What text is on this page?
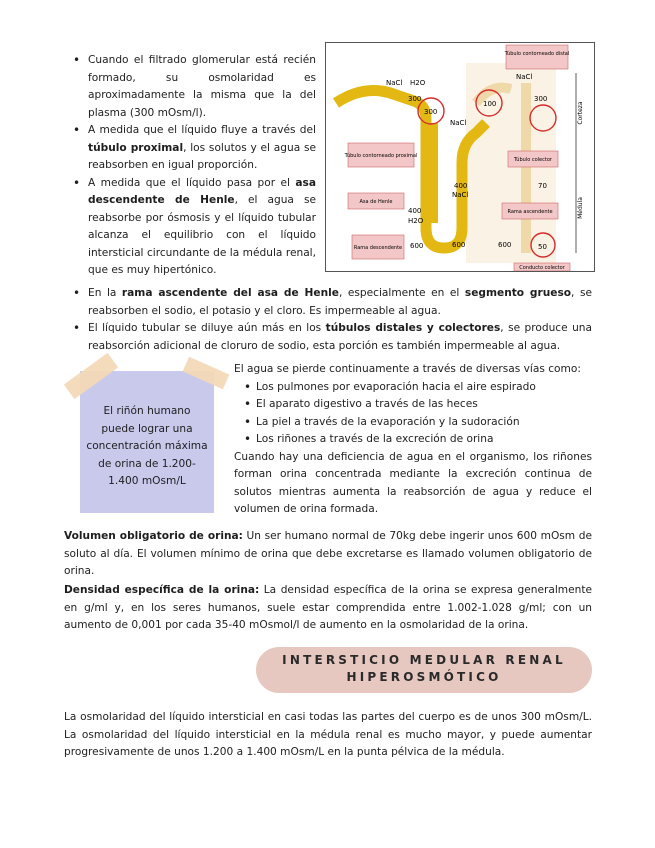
• Cuando el filtrado glomerular está recién formado, su osmolaridad es aproximadamente la misma que la del plasma (300 mOsm/l).
• A medida que el líquido fluye a través del túbulo proximal, los solutos y el agua se reabsorben en igual proporción.
• A medida que el líquido pasa por el asa descendente de Henle, el agua se reabsorbe por ósmosis y el líquido tubular alcanza el equilibrio con el líquido intersticial circundante de la médula renal, que es muy hipertónico.
Túbulo contorneado distal
Túbulo contorneado proximal
Asa de Henle
Rama descendente
Túbulo colector
Rama ascendente
Conducto colector
NaCl H2O
300
300
NaCl
100
NaCl
300
400
NaCl
400
H2O
600	600	600
70
50
Corteza
Médula
• En la rama ascendente del asa de Henle, especialmente en el segmento grueso, se reabsorben el sodio, el potasio y el cloro. Es impermeable al agua.
• El líquido tubular se diluye aún más en los túbulos distales y colectores, se produce una reabsorción adicional de cloruro de sodio, esta porción es también impermeable al agua.

El riñón humano puede lograr una concentración máxima de orina de 1.200-1.400 mOsm/L

El agua se pierde continuamente a través de diversas vías como:

• Los pulmones por evaporación hacia el aire espirado
• El aparato digestivo a través de las heces
• La piel a través de la evaporación y la sudoración
• Los riñones a través de la excreción de orina

Cuando hay una deficiencia de agua en el organismo, los riñones forman orina concentrada mediante la excreción continua de solutos mientras aumenta la reabsorción de agua y reduce el volumen de orina formada.

Volumen obligatorio de orina: Un ser humano normal de 70kg debe ingerir unos 600 mOsm de soluto al día. El volumen mínimo de orina que debe excretarse es llamado volumen obligatorio de orina.

Densidad específica de la orina: La densidad específica de la orina se expresa generalmente en g/ml y, en los seres humanos, suele estar comprendida entre 1.002-1.028 g/ml; con un aumento de 0,001 por cada 35-40 mOsmol/l de aumento en la osmolaridad de la orina.

INTERSTICIO MEDULAR RENAL
HIPEROSMÓTICO

La osmolaridad del líquido intersticial en casi todas las partes del cuerpo es de unos 300 mOsm/L. La osmolaridad del líquido intersticial en la médula renal es mucho mayor, y puede aumentar progresivamente de unos 1.200 a 1.400 mOsm/L en la punta pélvica de la médula.
